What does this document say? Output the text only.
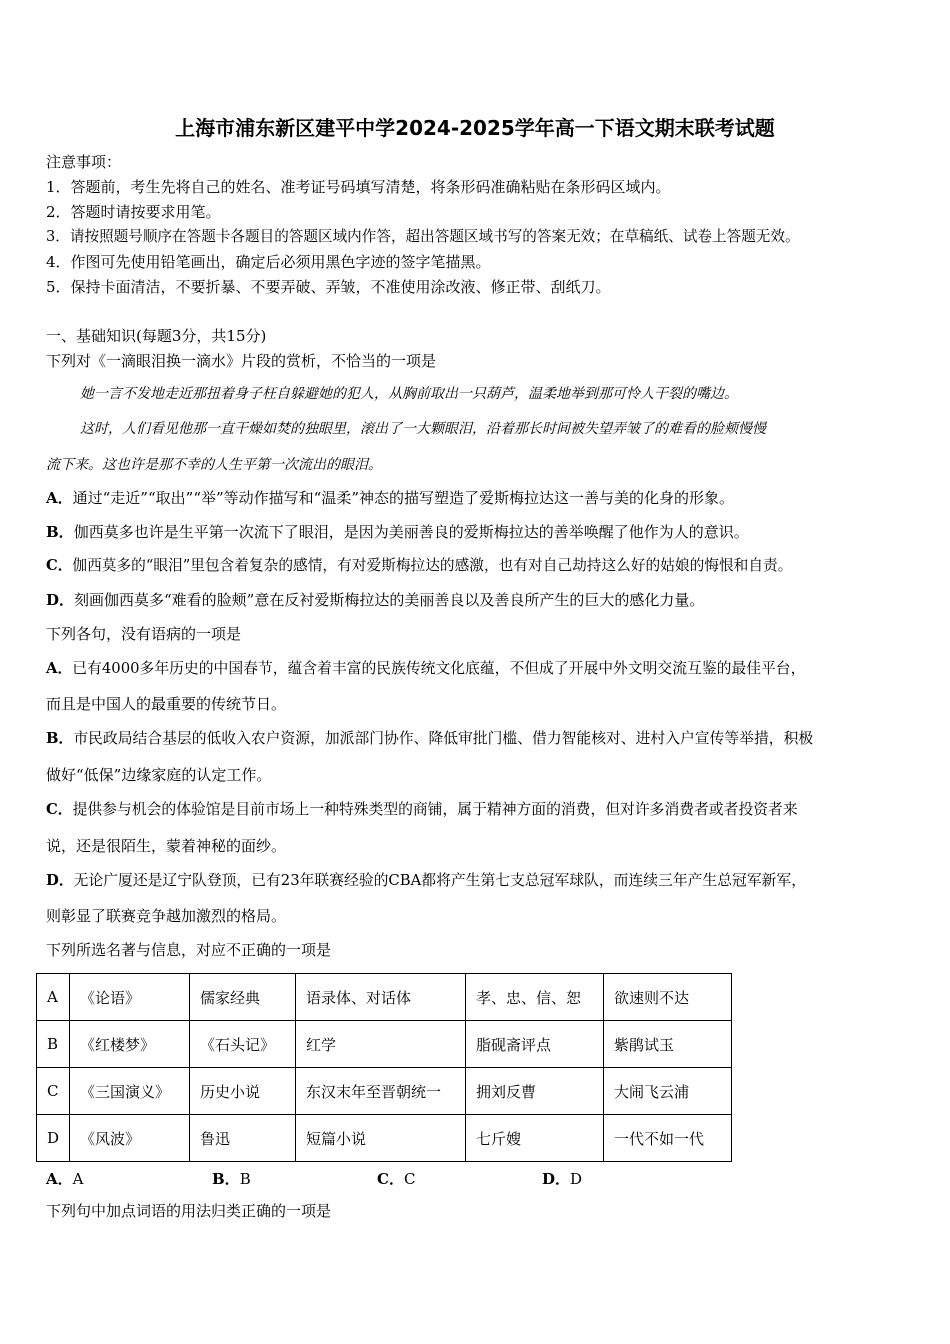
上海市浦东新区建平中学2024-2025学年高一下语文期末联考试题
注意事项：
1．答题前，考生先将自己的姓名、准考证号码填写清楚，将条形码准确粘贴在条形码区域内。
2．答题时请按要求用笔。
3．请按照题号顺序在答题卡各题目的答题区域内作答，超出答题区域书写的答案无效；在草稿纸、试卷上答题无效。
4．作图可先使用铅笔画出，确定后必须用黑色字迹的签字笔描黑。
5．保持卡面清洁，不要折暴、不要弄破、弄皱，不准使用涂改液、修正带、刮纸刀。
一、基础知识(每题3分，共15分)
下列对《一滴眼泪换一滴水》片段的赏析，不恰当的一项是
她一言不发地走近那扭着身子枉自躲避她的犯人，从胸前取出一只葫芦，温柔地举到那可怜人干裂的嘴边。
这时，人们看见他那一直干燥如焚的独眼里，滚出了一大颗眼泪，沿着那长时间被失望弄皱了的难看的脸颊慢慢
流下来。这也许是那不幸的人生平第一次流出的眼泪。
A．通过“走近”“取出”“举”等动作描写和“温柔”神态的描写塑造了爱斯梅拉达这一善与美的化身的形象。
B．伽西莫多也许是生平第一次流下了眼泪，是因为美丽善良的爱斯梅拉达的善举唤醒了他作为人的意识。
C．伽西莫多的“眼泪”里包含着复杂的感情，有对爱斯梅拉达的感激，也有对自己劫持这么好的姑娘的悔恨和自责。
D．刻画伽西莫多“难看的脸颊”意在反衬爱斯梅拉达的美丽善良以及善良所产生的巨大的感化力量。
下列各句，没有语病的一项是
A．已有4000多年历史的中国春节，蕴含着丰富的民族传统文化底蕴，不但成了开展中外文明交流互鉴的最佳平台，
而且是中国人的最重要的传统节日。
B．市民政局结合基层的低收入农户资源，加派部门协作、降低审批门槛、借力智能核对、进村入户宣传等举措，积极
做好“低保”边缘家庭的认定工作。
C．提供参与机会的体验馆是目前市场上一种特殊类型的商铺，属于精神方面的消费，但对许多消费者或者投资者来
说，还是很陌生，蒙着神秘的面纱。
D．无论广厦还是辽宁队登顶，已有23年联赛经验的CBA都将产生第七支总冠军球队，而连续三年产生总冠军新军，
则彰显了联赛竞争越加激烈的格局。
下列所选名著与信息，对应不正确的一项是
A	《论语》	儒家经典	语录体、对话体	孝、忠、信、恕	欲速则不达
B	《红楼梦》	《石头记》	红学	脂砚斋评点	紫鹃试玉
C	《三国演义》	历史小说	东汉末年至晋朝统一	拥刘反曹	大闹飞云浦
D	《风波》	鲁迅	短篇小说	七斤嫂	一代不如一代
A．A	B．B	C．C	D．D
下列句中加点词语的用法归类正确的一项是
